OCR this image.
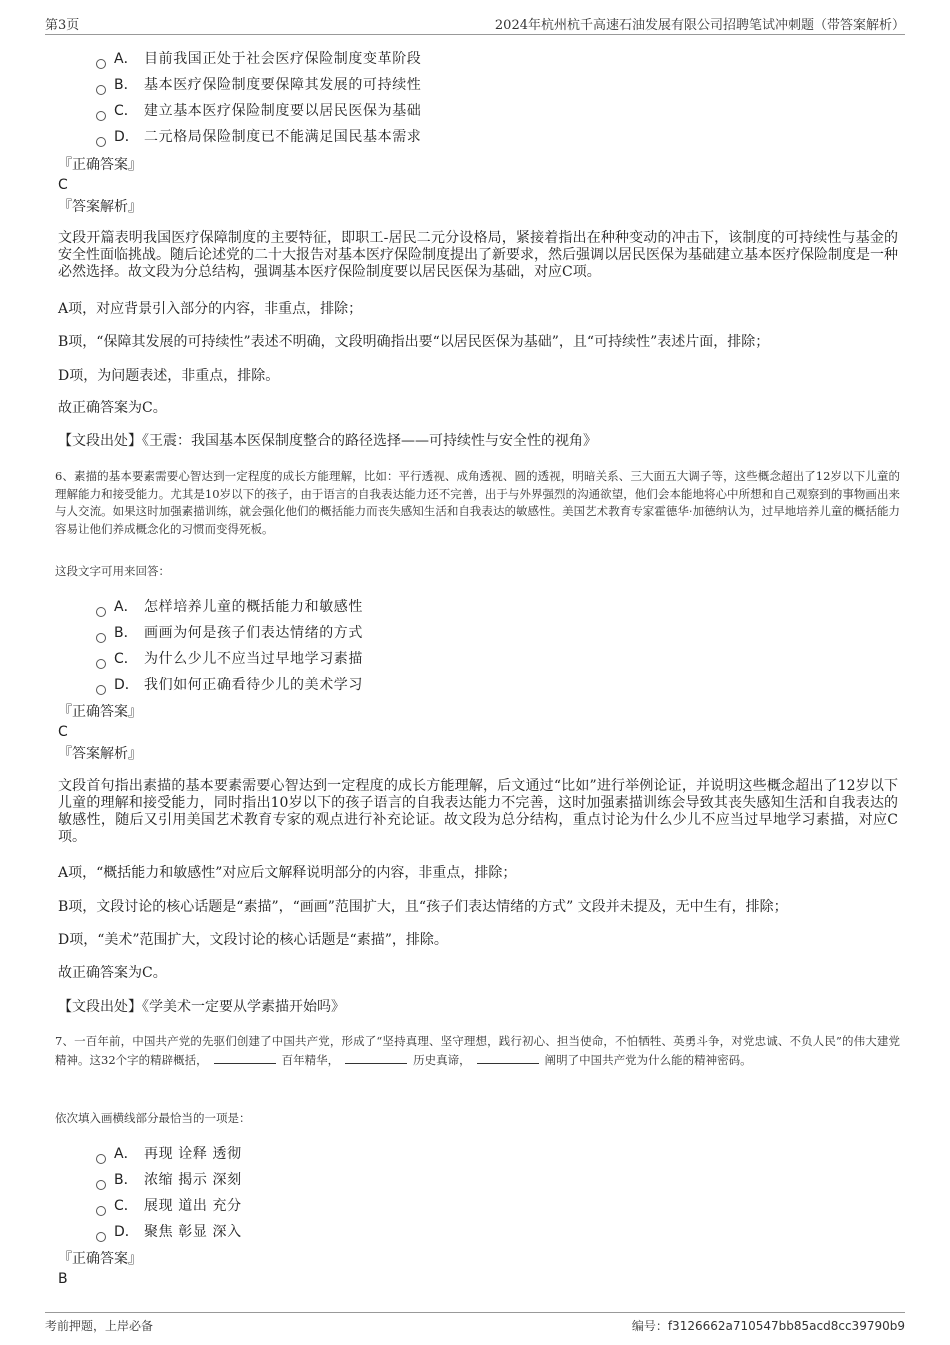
第3页	2024年杭州杭千高速石油发展有限公司招聘笔试冲刺题（带答案解析）
A． 目前我国正处于社会医疗保险制度变革阶段
B． 基本医疗保险制度要保障其发展的可持续性
C． 建立基本医疗保险制度要以居民医保为基础
D． 二元格局保险制度已不能满足国民基本需求
『正确答案』
C
『答案解析』
文段开篇表明我国医疗保障制度的主要特征，即职工-居民二元分设格局，紧接着指出在种种变动的冲击下，该制度的可持续性与基金的安全性面临挑战。随后论述党的二十大报告对基本医疗保险制度提出了新要求，然后强调以居民医保为基础建立基本医疗保险制度是一种必然选择。故文段为分总结构，强调基本医疗保险制度要以居民医保为基础，对应C项。
A项，对应背景引入部分的内容，非重点，排除；
B项，“保障其发展的可持续性”表述不明确，文段明确指出要“以居民医保为基础”，且“可持续性”表述片面，排除；
D项，为问题表述，非重点，排除。
故正确答案为C。
【文段出处】《王震：我国基本医保制度整合的路径选择——可持续性与安全性的视角》
6、素描的基本要素需要心智达到一定程度的成长方能理解，比如：平行透视、成角透视、圆的透视，明暗关系、三大面五大调子等，这些概念超出了12岁以下儿童的理解能力和接受能力。尤其是10岁以下的孩子，由于语言的自我表达能力还不完善，出于与外界强烈的沟通欲望，他们会本能地将心中所想和自己观察到的事物画出来与人交流。如果这时加强素描训练，就会强化他们的概括能力而丧失感知生活和自我表达的敏感性。美国艺术教育专家霍德华·加德纳认为，过早地培养儿童的概括能力容易让他们养成概念化的习惯而变得死板。
这段文字可用来回答：
A． 怎样培养儿童的概括能力和敏感性
B． 画画为何是孩子们表达情绪的方式
C． 为什么少儿不应当过早地学习素描
D． 我们如何正确看待少儿的美术学习
『正确答案』
C
『答案解析』
文段首句指出素描的基本要素需要心智达到一定程度的成长方能理解，后文通过“比如”进行举例论证，并说明这些概念超出了12岁以下儿童的理解和接受能力，同时指出10岁以下的孩子语言的自我表达能力不完善，这时加强素描训练会导致其丧失感知生活和自我表达的敏感性，随后又引用美国艺术教育专家的观点进行补充论证。故文段为总分结构，重点讨论为什么少儿不应当过早地学习素描，对应C项。
A项，“概括能力和敏感性”对应后文解释说明部分的内容，非重点，排除；
B项，文段讨论的核心话题是“素描”，“画画”范围扩大，且“孩子们表达情绪的方式” 文段并未提及，无中生有，排除；
D项，“美术”范围扩大，文段讨论的核心话题是“素描”，排除。
故正确答案为C。
【文段出处】《学美术一定要从学素描开始吗》
7、一百年前，中国共产党的先驱们创建了中国共产党，形成了“坚持真理、坚守理想，践行初心、担当使命，不怕牺牲、英勇斗争，对党忠诚、不负人民”的伟大建党精神。这32个字的精辟概括，	百年精华，	历史真谛，	阐明了中国共产党为什么能的精神密码。
依次填入画横线部分最恰当的一项是：
A． 再现 诠释 透彻
B． 浓缩 揭示 深刻
C． 展现 道出 充分
D． 聚焦 彰显 深入
『正确答案』
B
考前押题，上岸必备	编号：f3126662a710547bb85acd8cc39790b9
